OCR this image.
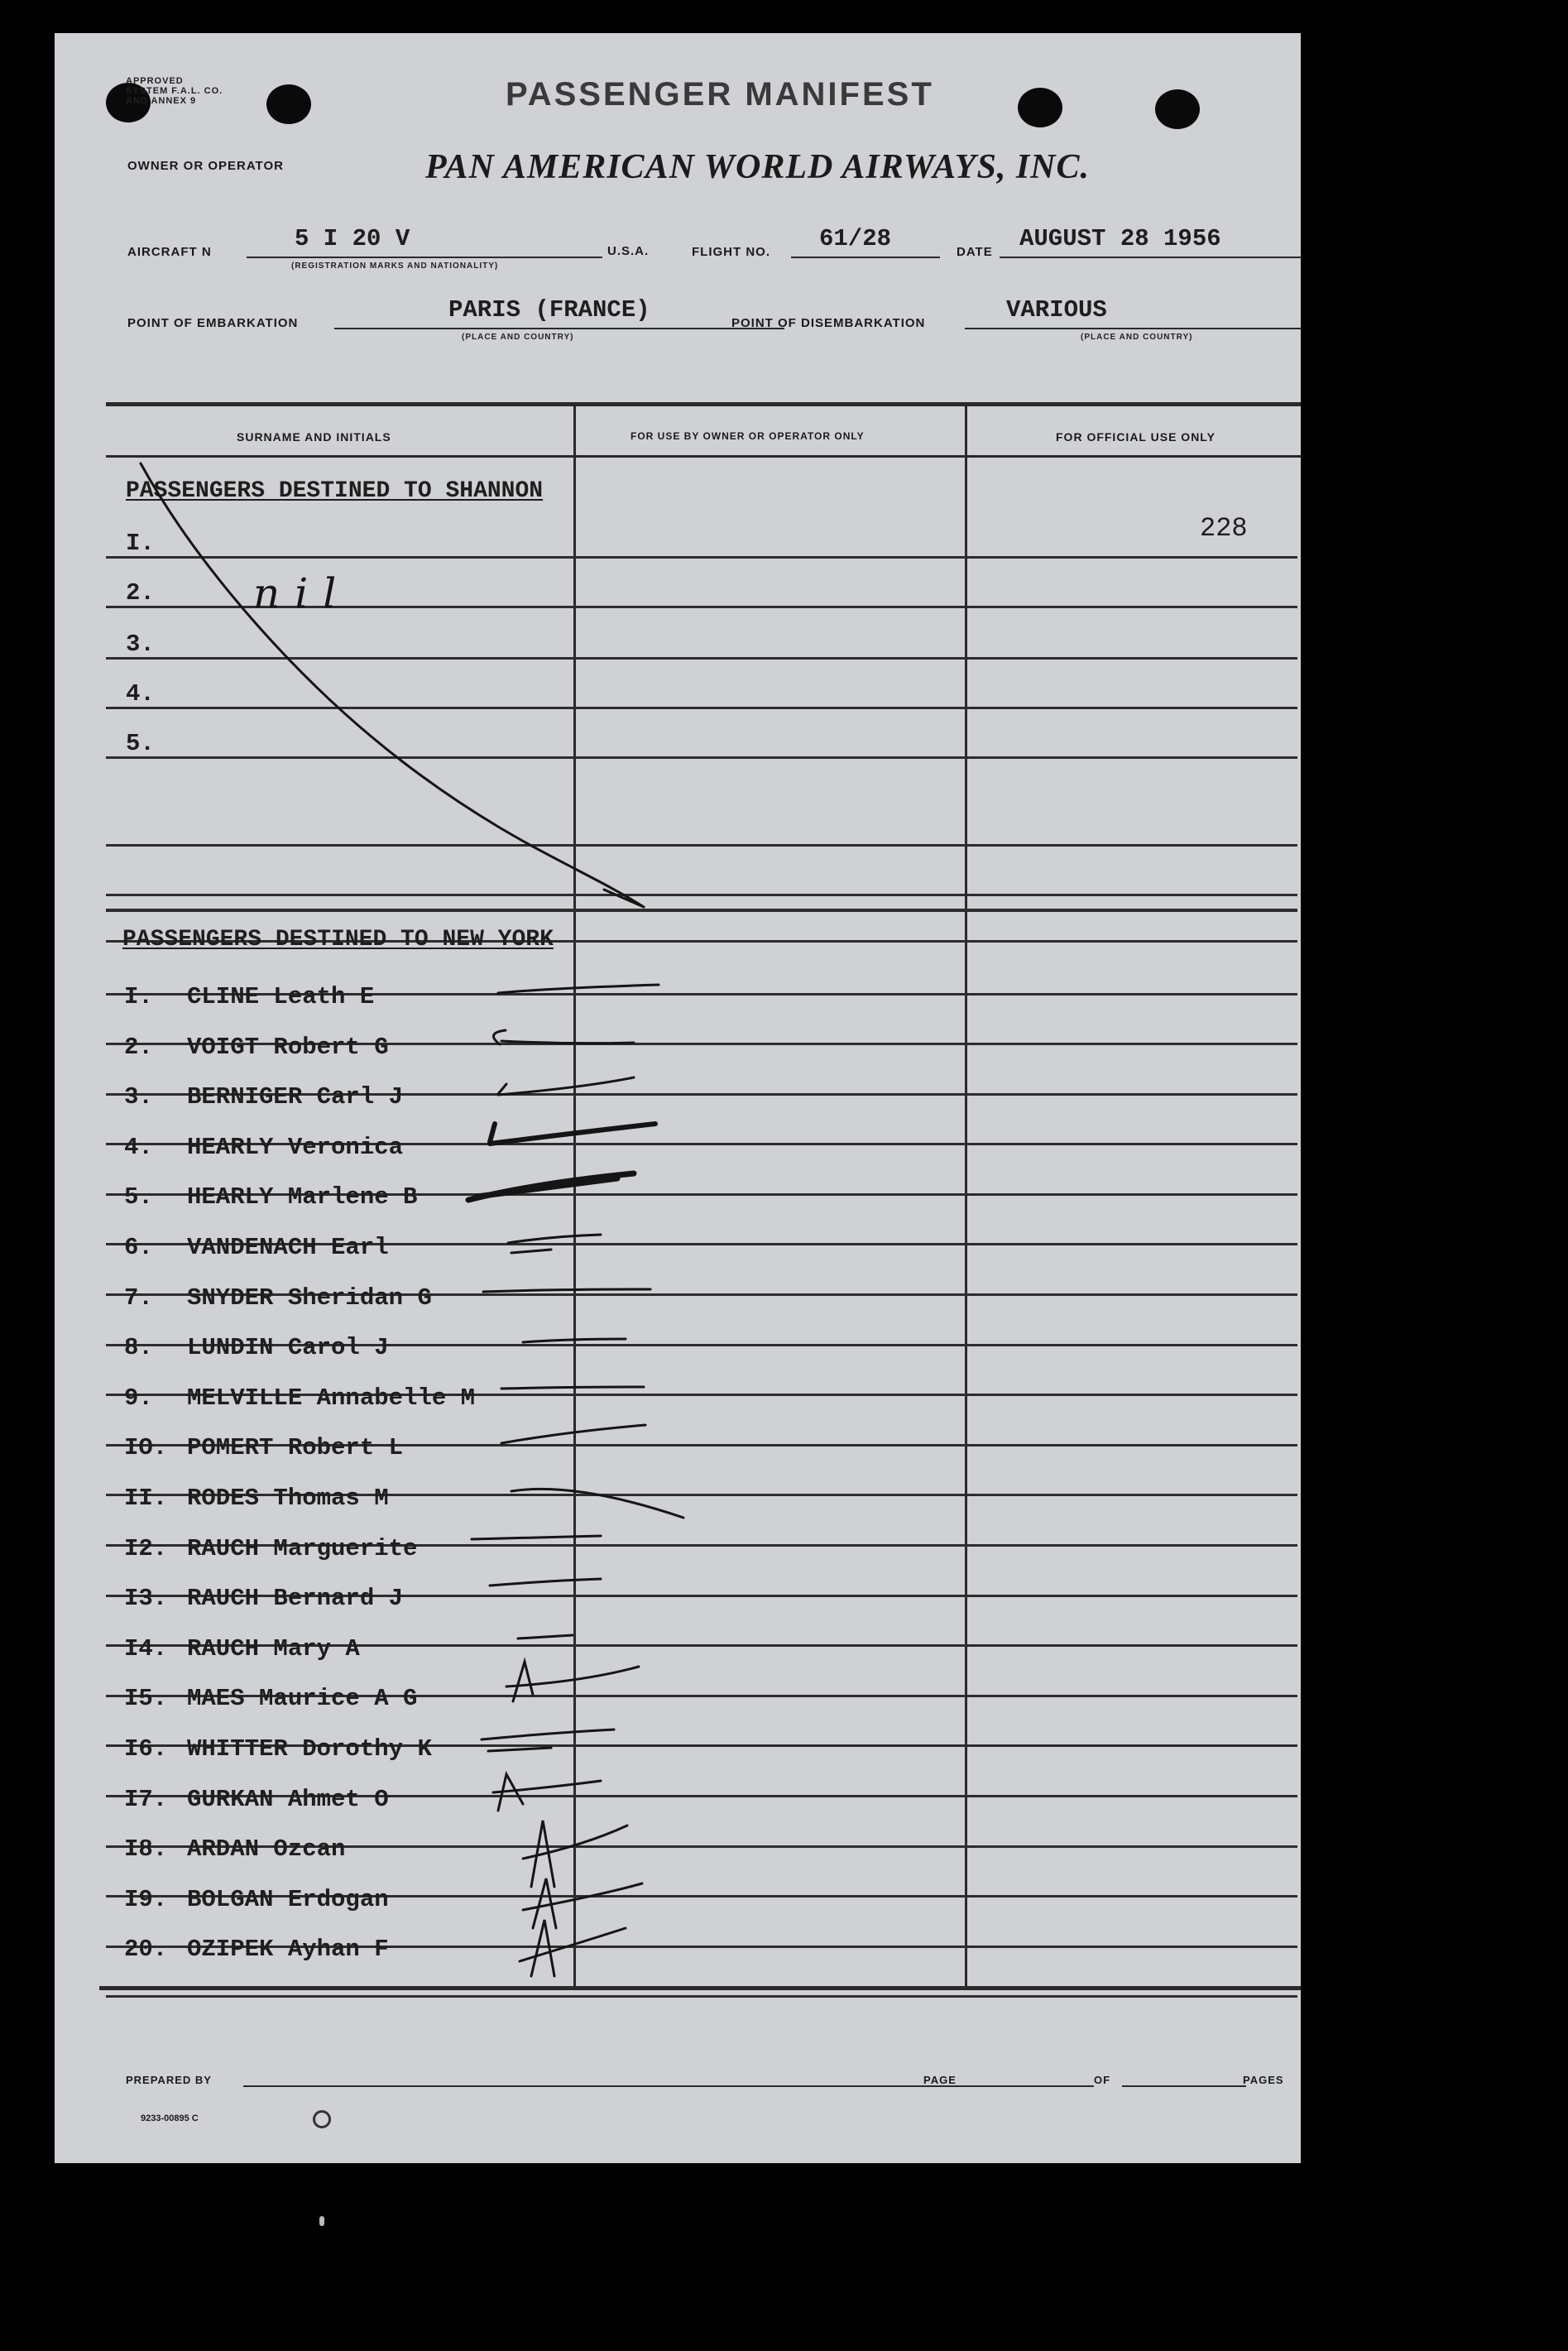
APPROVED
SYSTEM F.A.L. CO.
AND ANNEX 9	PASSENGER MANIFEST
OWNER OR OPERATOR	PAN AMERICAN WORLD AIRWAYS, INC.
AIRCRAFT N	5 I 20 V
(REGISTRATION MARKS AND NATIONALITY)
U.S.A.	FLIGHT NO. 61/28	DATE AUGUST 28 1956
POINT OF EMBARKATION	PARIS (FRANCE)
(PLACE AND COUNTRY)
POINT OF DISEMBARKATION	VARIOUS
(PLACE AND COUNTRY)
SURNAME AND INITIALS	FOR USE BY OWNER OR OPERATOR ONLY	FOR OFFICIAL USE ONLY
PASSENGERS DESTINED TO SHANNON
228
I.
2.
3.
4.
5.
nil
PASSENGERS DESTINED TO NEW YORK
I. CLINE Leath E
2. VOIGT Robert G
3. BERNIGER Carl J
4. HEARLY Veronica
5. HEARLY Marlene B
6. VANDENACH Earl
7. SNYDER Sheridan G
8. LUNDIN Carol J
9. MELVILLE Annabelle M
IO. POMERT Robert L
II. RODES Thomas M
I2. RAUCH Marguerite
I3. RAUCH Bernard J
I4. RAUCH Mary A
I5. MAES Maurice A G
I6. WHITTER Dorothy K
I7. GURKAN Ahmet O
I8. ARDAN Ozcan
I9. BOLGAN Erdogan
20. OZIPEK Ayhan F
PREPARED BY	PAGE	OF	PAGES
9233-00895 C
